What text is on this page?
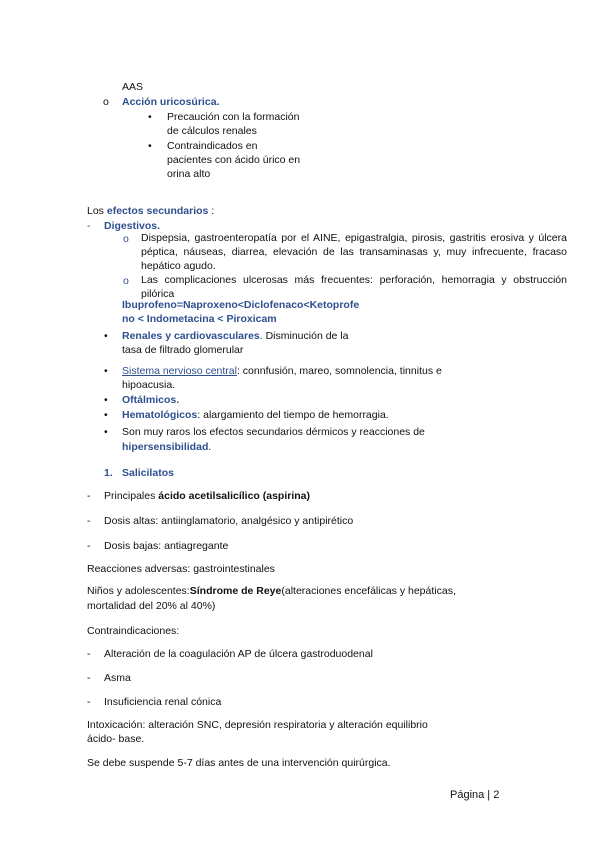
AAS
o Acción uricosúrica.
• Precaución con la formación
de cálculos renales
• Contraindicados en
pacientes con ácido úrico en
orina alto
Los efectos secundarios :
- Digestivos.
o Dispepsia, gastroenteropatía por el AINE, epigastralgia, pirosis, gastritis erosiva y úlcera péptica, náuseas, diarrea, elevación de las transaminasas y, muy infrecuente, fracaso hepático agudo.
o Las complicaciones ulcerosas más frecuentes: perforación, hemorragia y obstrucción pilórica
Ibuprofeno=Naproxeno<Diclofenaco<Ketoprofe
no < Indometacina < Piroxicam
• Renales y cardiovasculares. Disminución de la
tasa de filtrado glomerular
• Sistema nervioso central: connfusión, mareo, somnolencia, tinnitus e
hipoacusia.
• Oftálmicos.
• Hematológicos: alargamiento del tiempo de hemorragia.
• Son muy raros los efectos secundarios dérmicos y reacciones de
hipersensibilidad.
1. Salicilatos
- Principales ácido acetilsalicílico (aspirina)
- Dosis altas: antiinglamatorio, analgésico y antipirético
- Dosis bajas: antiagregante
Reacciones adversas: gastrointestinales
Niños y adolescentes: Síndrome de Reye (alteraciones encefálicas y hepáticas,
mortalidad del 20% al 40%)
Contraindicaciones:
- Alteración de la coagulación AP de úlcera gastroduodenal
- Asma
- Insuficiencia renal cónica
Intoxicación: alteración SNC, depresión respiratoria y alteración equilibrio
ácido- base.
Se debe suspende 5-7 días antes de una intervención quirúrgica.
Página | 2
